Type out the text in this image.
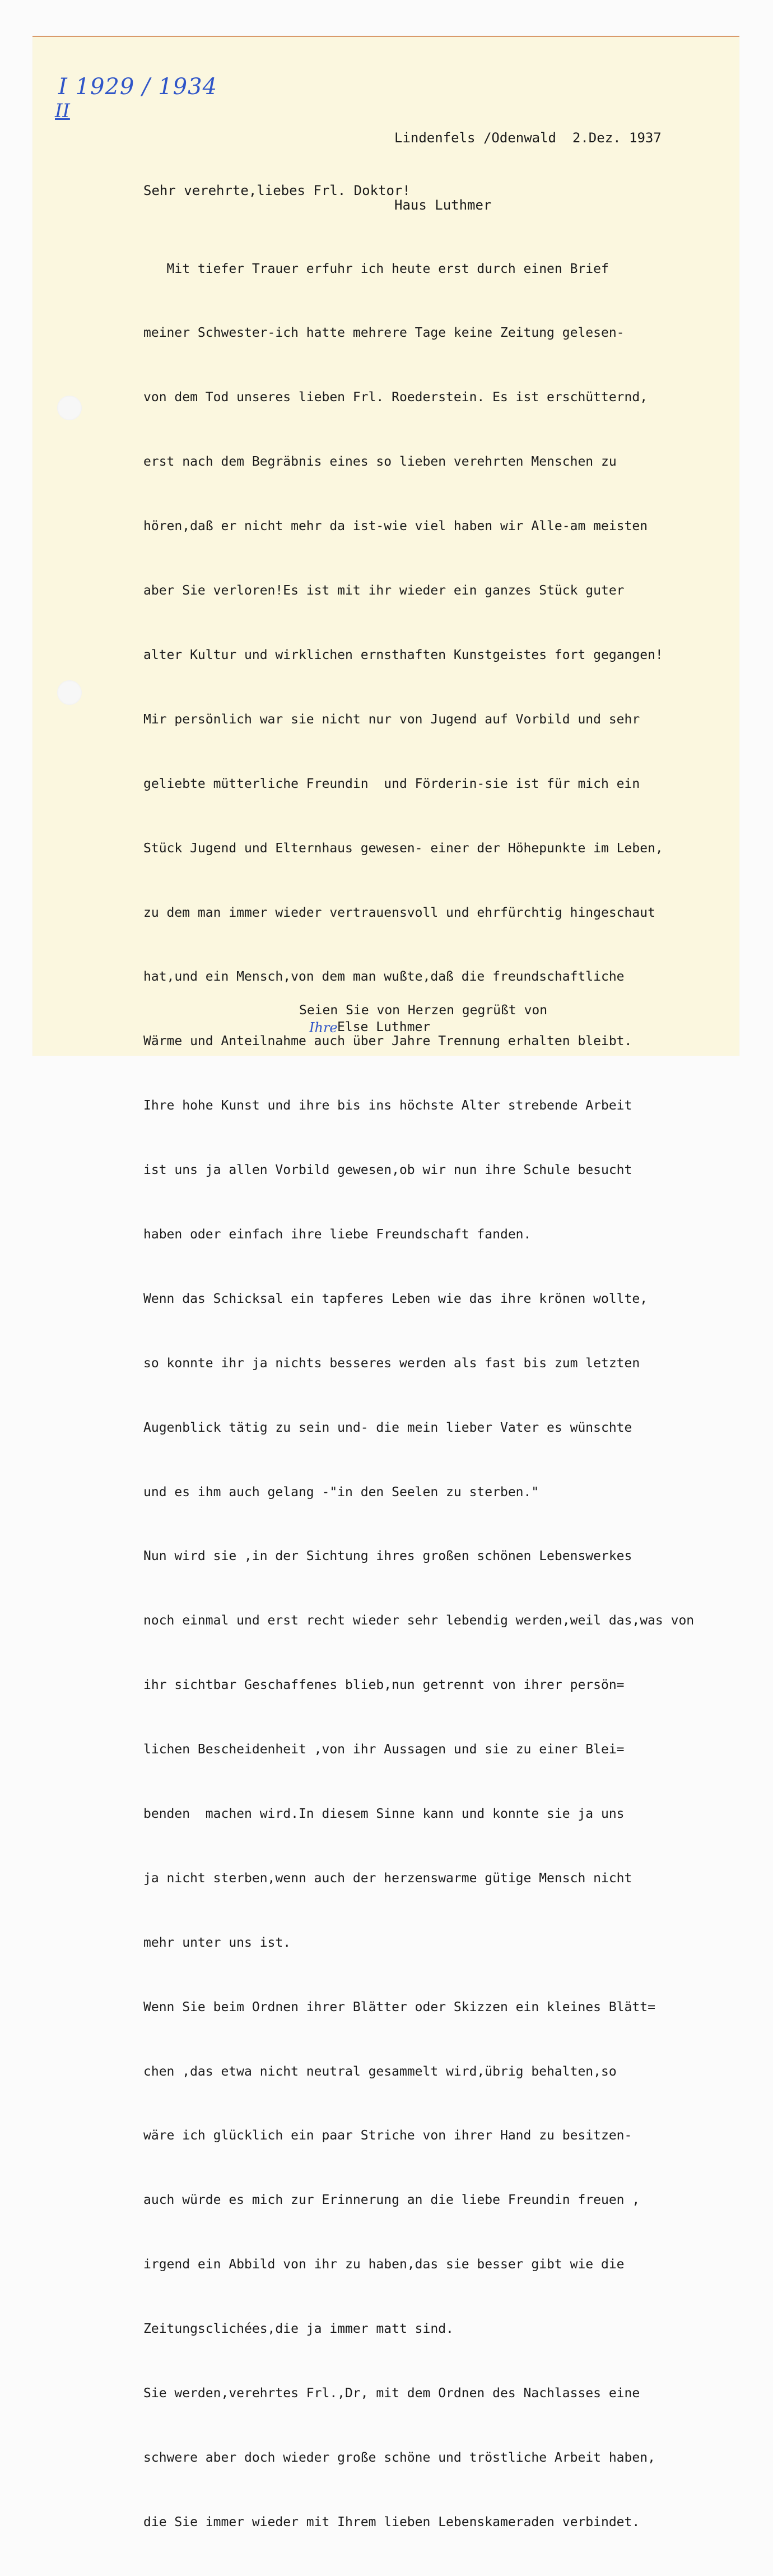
I 1929 / 1934
II

Lindenfels /Odenwald 2.Dez. 1937

Haus Luthmer

Sehr verehrte,liebes Frl. Doktor!

Mit tiefer Trauer erfuhr ich heute erst durch einen Brief

meiner Schwester-ich hatte mehrere Tage keine Zeitung gelesen-

von dem Tod unseres lieben Frl. Roederstein. Es ist erschütternd,

erst nach dem Begräbnis eines so lieben verehrten Menschen zu

hören,daß er nicht mehr da ist-wie viel haben wir Alle-am meisten

aber Sie verloren!Es ist mit ihr wieder ein ganzes Stück guter

alter Kultur und wirklichen ernsthaften Kunstgeistes fort gegangen!

Mir persönlich war sie nicht nur von Jugend auf Vorbild und sehr

geliebte mütterliche Freundin  und Förderin-sie ist für mich ein

Stück Jugend und Elternhaus gewesen- einer der Höhepunkte im Leben,

zu dem man immer wieder vertrauensvoll und ehrfürchtig hingeschaut

hat,und ein Mensch,von dem man wußte,daß die freundschaftliche

Wärme und Anteilnahme auch über Jahre Trennung erhalten bleibt.

Ihre hohe Kunst und ihre bis ins höchste Alter strebende Arbeit

ist uns ja allen Vorbild gewesen,ob wir nun ihre Schule besucht

haben oder einfach ihre liebe Freundschaft fanden.

Wenn das Schicksal ein tapferes Leben wie das ihre krönen wollte,

so konnte ihr ja nichts besseres werden als fast bis zum letzten

Augenblick tätig zu sein und- die mein lieber Vater es wünschte

und es ihm auch gelang -"in den Seelen zu sterben."

Nun wird sie ,in der Sichtung ihres großen schönen Lebenswerkes

noch einmal und erst recht wieder sehr lebendig werden,weil das,was von

ihr sichtbar Geschaffenes blieb,nun getrennt von ihrer persön=

lichen Bescheidenheit ,von ihr Aussagen und sie zu einer Blei=

benden  machen wird.In diesem Sinne kann und konnte sie ja uns

ja nicht sterben,wenn auch der herzenswarme gütige Mensch nicht

mehr unter uns ist.

Wenn Sie beim Ordnen ihrer Blätter oder Skizzen ein kleines Blätt=

chen ,das etwa nicht neutral gesammelt wird,übrig behalten,so

wäre ich glücklich ein paar Striche von ihrer Hand zu besitzen-

auch würde es mich zur Erinnerung an die liebe Freundin freuen ,

irgend ein Abbild von ihr zu haben,das sie besser gibt wie die

Zeitungsclichées,die ja immer matt sind.

Sie werden,verehrtes Frl.,Dr, mit dem Ordnen des Nachlasses eine

schwere aber doch wieder große schöne und tröstliche Arbeit haben,

die Sie immer wieder mit Ihrem lieben Lebenskameraden verbindet.

Seien Sie von Herzen gegrüßt von
Ihre Else Luthmer
